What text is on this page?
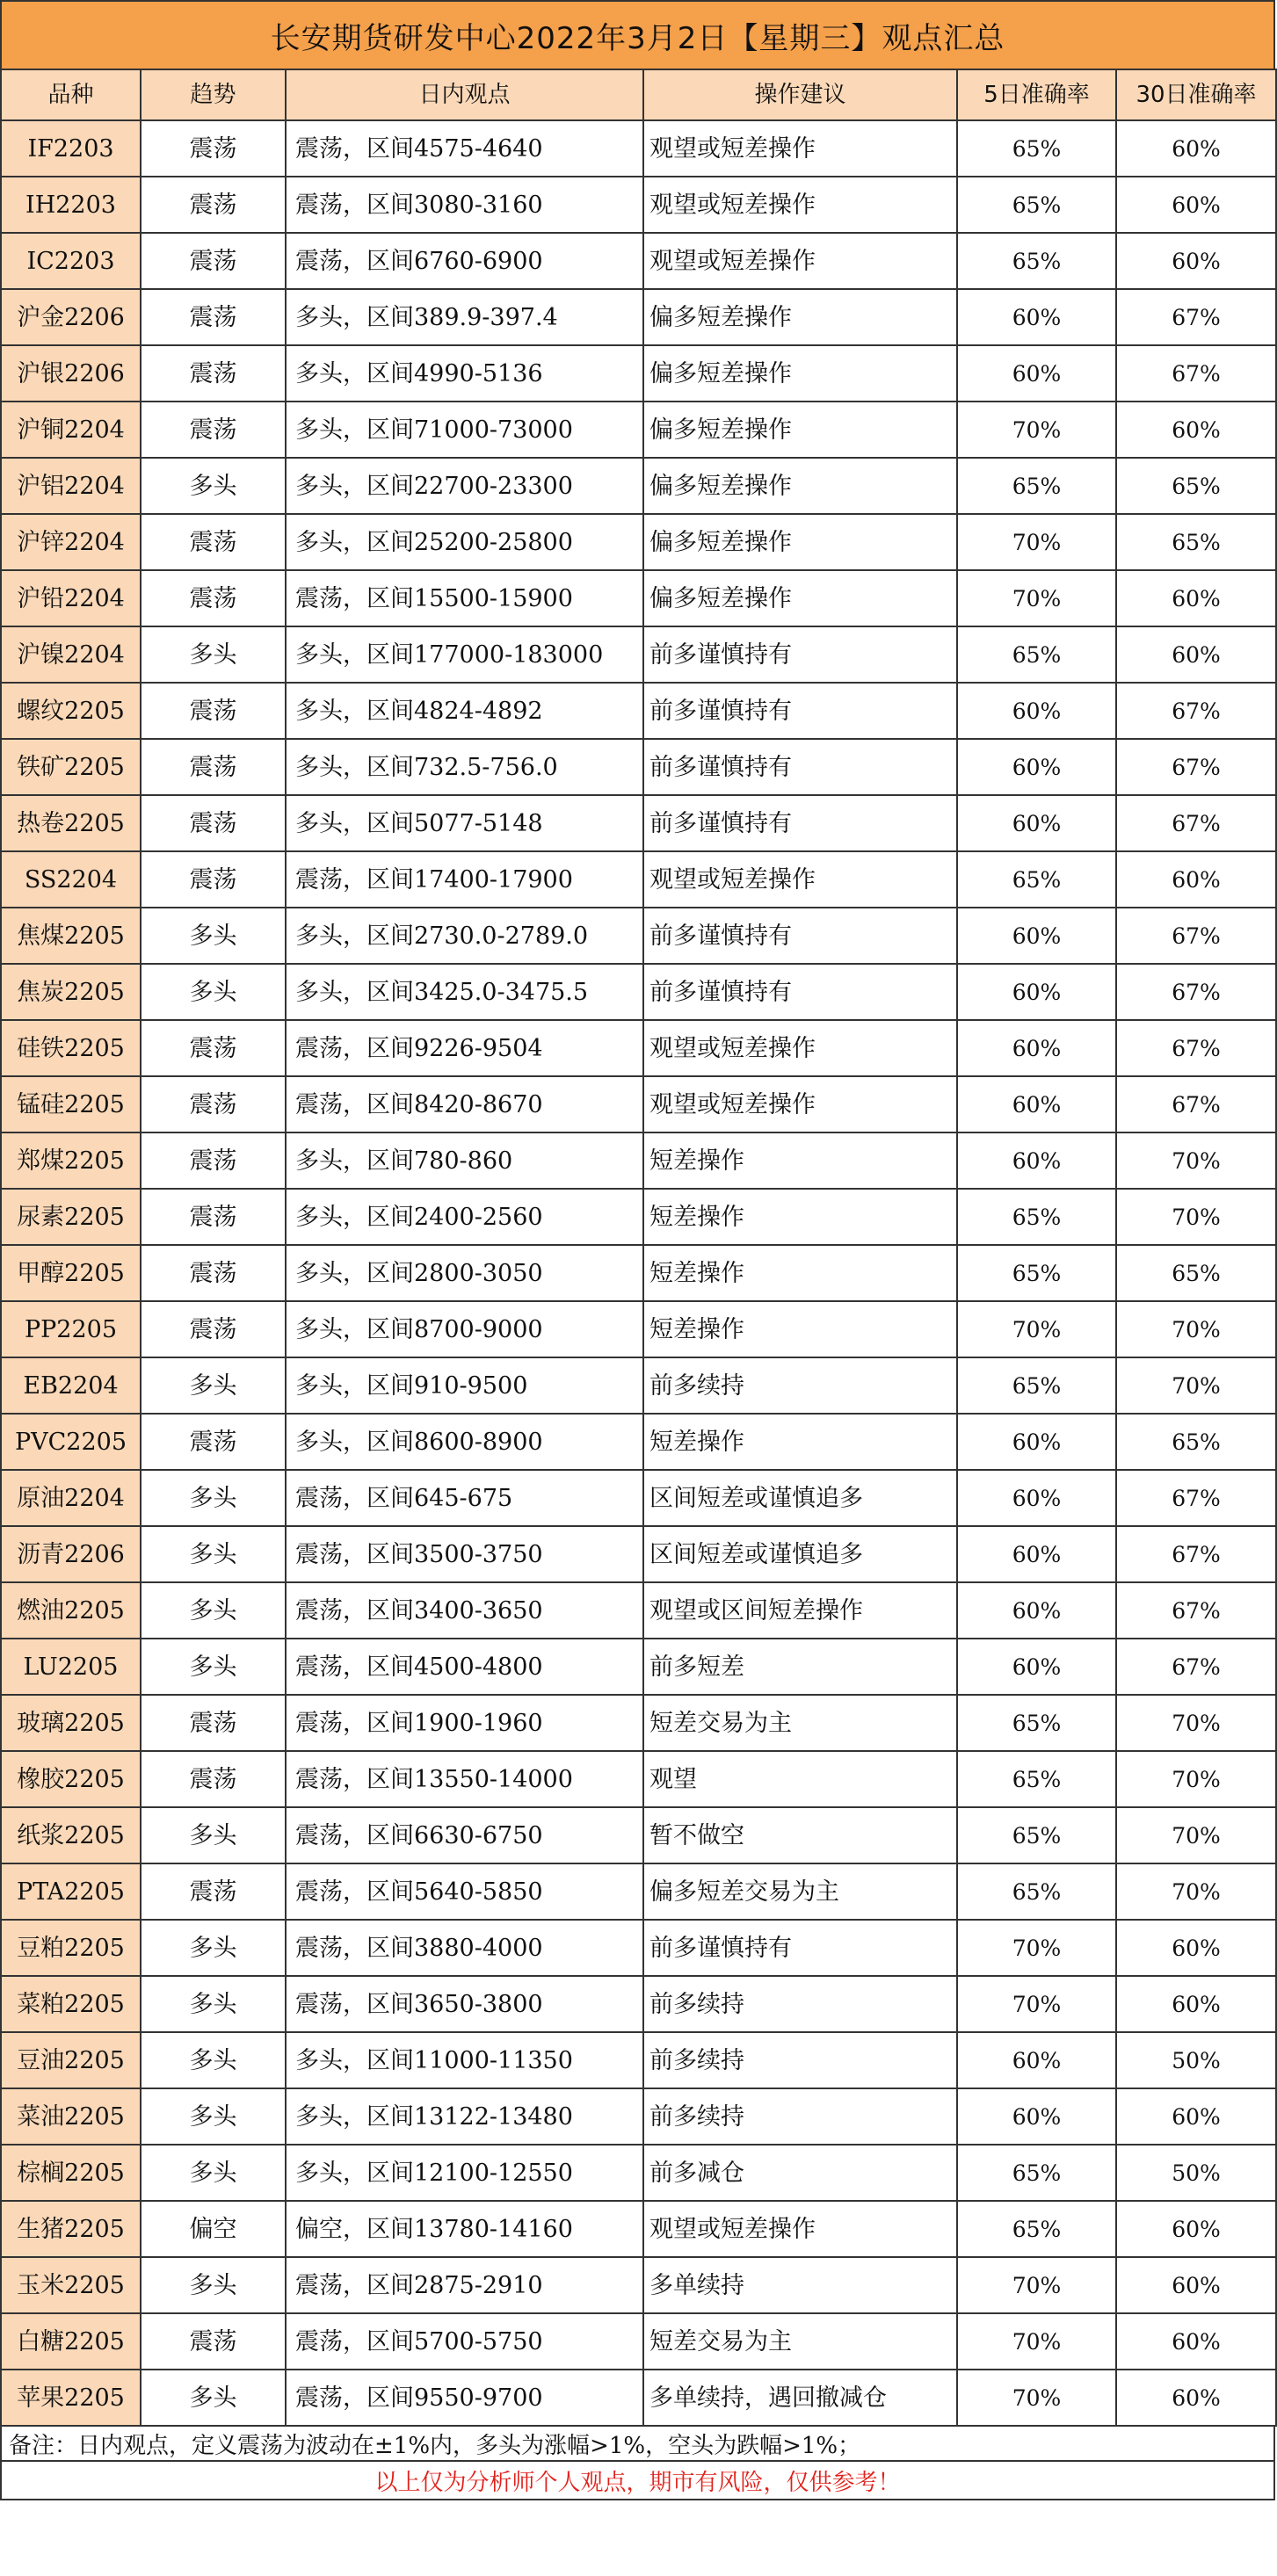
长安期货研发中心2022年3月2日【星期三】观点汇总
品种	趋势	日内观点	操作建议	5日准确率	30日准确率
IF2203	震荡	震荡，区间4575-4640	观望或短差操作	65%	60%
IH2203	震荡	震荡，区间3080-3160	观望或短差操作	65%	60%
IC2203	震荡	震荡，区间6760-6900	观望或短差操作	65%	60%
沪金2206	震荡	多头，区间389.9-397.4	偏多短差操作	60%	67%
沪银2206	震荡	多头，区间4990-5136	偏多短差操作	60%	67%
沪铜2204	震荡	多头，区间71000-73000	偏多短差操作	70%	60%
沪铝2204	多头	多头，区间22700-23300	偏多短差操作	65%	65%
沪锌2204	震荡	多头，区间25200-25800	偏多短差操作	70%	65%
沪铅2204	震荡	震荡，区间15500-15900	偏多短差操作	70%	60%
沪镍2204	多头	多头，区间177000-183000	前多谨慎持有	65%	60%
螺纹2205	震荡	多头，区间4824-4892	前多谨慎持有	60%	67%
铁矿2205	震荡	多头，区间732.5-756.0	前多谨慎持有	60%	67%
热卷2205	震荡	多头，区间5077-5148	前多谨慎持有	60%	67%
SS2204	震荡	震荡，区间17400-17900	观望或短差操作	65%	60%
焦煤2205	多头	多头，区间2730.0-2789.0	前多谨慎持有	60%	67%
焦炭2205	多头	多头，区间3425.0-3475.5	前多谨慎持有	60%	67%
硅铁2205	震荡	震荡，区间9226-9504	观望或短差操作	60%	67%
锰硅2205	震荡	震荡，区间8420-8670	观望或短差操作	60%	67%
郑煤2205	震荡	多头，区间780-860	短差操作	60%	70%
尿素2205	震荡	多头，区间2400-2560	短差操作	65%	70%
甲醇2205	震荡	多头，区间2800-3050	短差操作	65%	65%
PP2205	震荡	多头，区间8700-9000	短差操作	70%	70%
EB2204	多头	多头，区间910-9500	前多续持	65%	70%
PVC2205	震荡	多头，区间8600-8900	短差操作	60%	65%
原油2204	多头	震荡，区间645-675	区间短差或谨慎追多	60%	67%
沥青2206	多头	震荡，区间3500-3750	区间短差或谨慎追多	60%	67%
燃油2205	多头	震荡，区间3400-3650	观望或区间短差操作	60%	67%
LU2205	多头	震荡，区间4500-4800	前多短差	60%	67%
玻璃2205	震荡	震荡，区间1900-1960	短差交易为主	65%	70%
橡胶2205	震荡	震荡，区间13550-14000	观望	65%	70%
纸浆2205	多头	震荡，区间6630-6750	暂不做空	65%	70%
PTA2205	震荡	震荡，区间5640-5850	偏多短差交易为主	65%	70%
豆粕2205	多头	震荡，区间3880-4000	前多谨慎持有	70%	60%
菜粕2205	多头	震荡，区间3650-3800	前多续持	70%	60%
豆油2205	多头	多头，区间11000-11350	前多续持	60%	50%
菜油2205	多头	多头，区间13122-13480	前多续持	60%	60%
棕榈2205	多头	多头，区间12100-12550	前多减仓	65%	50%
生猪2205	偏空	偏空，区间13780-14160	观望或短差操作	65%	60%
玉米2205	多头	震荡，区间2875-2910	多单续持	70%	60%
白糖2205	震荡	震荡，区间5700-5750	短差交易为主	70%	60%
苹果2205	多头	震荡，区间9550-9700	多单续持，遇回撤减仓	70%	60%
备注：日内观点，定义震荡为波动在±1%内，多头为涨幅>1%，空头为跌幅>1%；
以上仅为分析师个人观点，期市有风险，仅供参考！
